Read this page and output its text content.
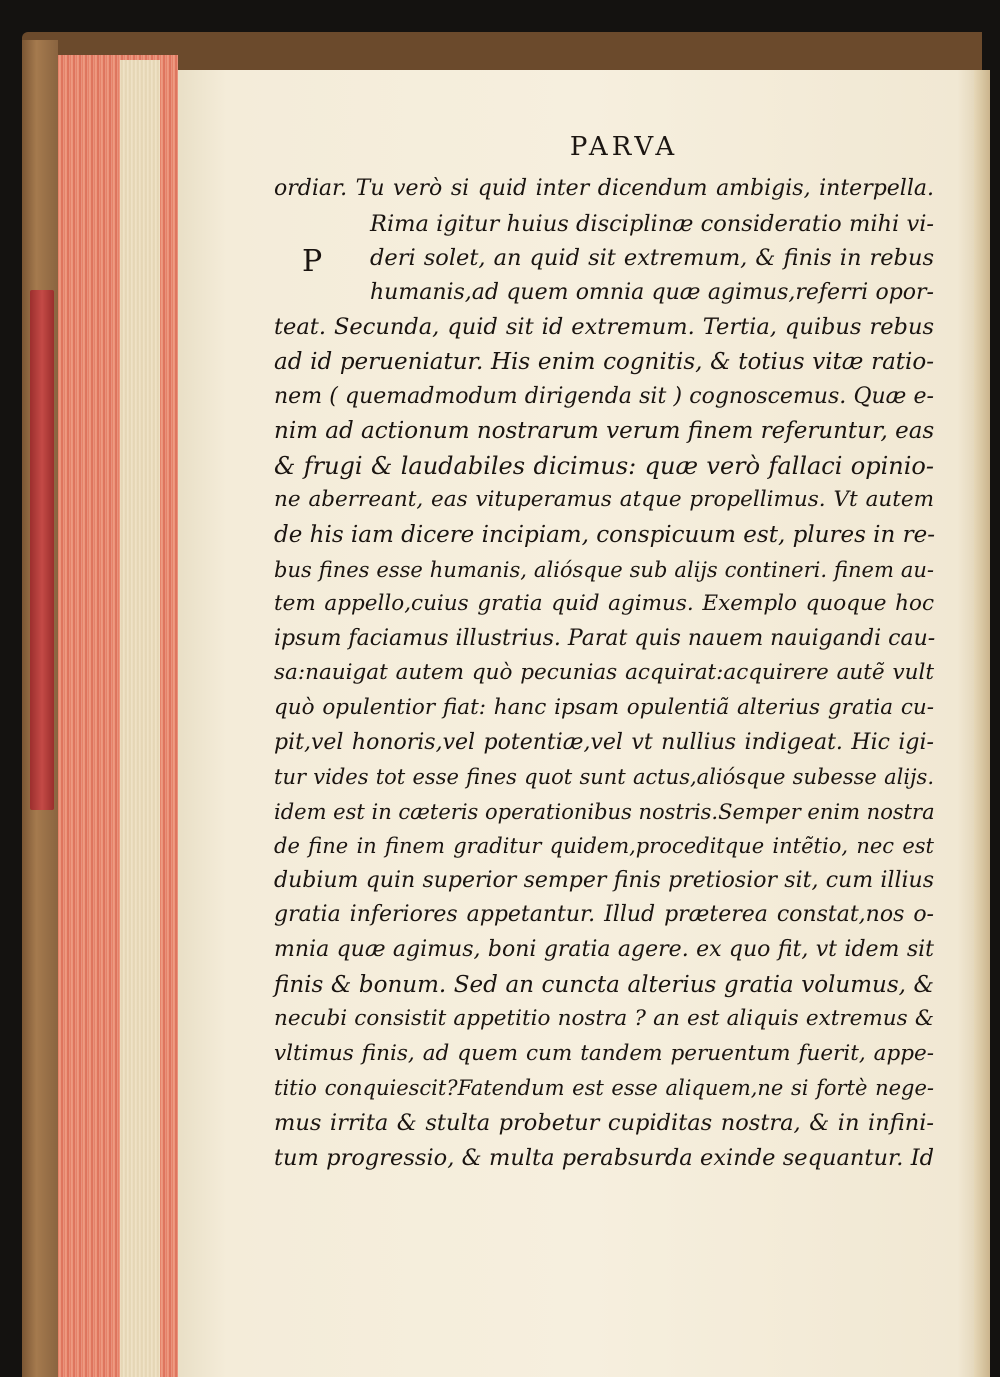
PARVA
P
ordiar. Tu verò si quid inter dicendum ambigis, interpella.
Rima igitur huius disciplinæ consideratio mihi vi-
deri solet, an quid sit extremum, & finis in rebus
humanis,ad quem omnia quæ agimus,referri opor-
teat. Secunda, quid sit id extremum. Tertia, quibus rebus
ad id perueniatur. His enim cognitis, & totius vitæ ratio-
nem ( quemadmodum dirigenda sit ) cognoscemus. Quæ e-
nim ad actionum nostrarum verum finem referuntur, eas
& frugi & laudabiles dicimus: quæ verò fallaci opinio-
ne aberreant, eas vituperamus atque propellimus. Vt autem
de his iam dicere incipiam, conspicuum est, plures in re-
bus fines esse humanis, aliósque sub alijs contineri. finem au-
tem appello,cuius gratia quid agimus. Exemplo quoque hoc
ipsum faciamus illustrius. Parat quis nauem nauigandi cau-
sa:nauigat autem quò pecunias acquirat:acquirere autẽ vult
quò opulentior fiat: hanc ipsam opulentiã alterius gratia cu-
pit,vel honoris,vel potentiæ,vel vt nullius indigeat. Hic igi-
tur vides tot esse fines quot sunt actus,aliósque subesse alijs.
idem est in cæteris operationibus nostris.Semper enim nostra
de fine in finem graditur quidem,proceditque intẽtio, nec est
dubium quin superior semper finis pretiosior sit, cum illius
gratia inferiores appetantur. Illud præterea constat,nos o-
mnia quæ agimus, boni gratia agere. ex quo fit, vt idem sit
finis & bonum. Sed an cuncta alterius gratia volumus, &
necubi consistit appetitio nostra ? an est aliquis extremus &
vltimus finis, ad quem cum tandem peruentum fuerit, appe-
titio conquiescit?Fatendum est esse aliquem,ne si fortè nege-
mus irrita & stulta probetur cupiditas nostra, & in infini-
tum progressio, & multa perabsurda exinde sequantur. Id
